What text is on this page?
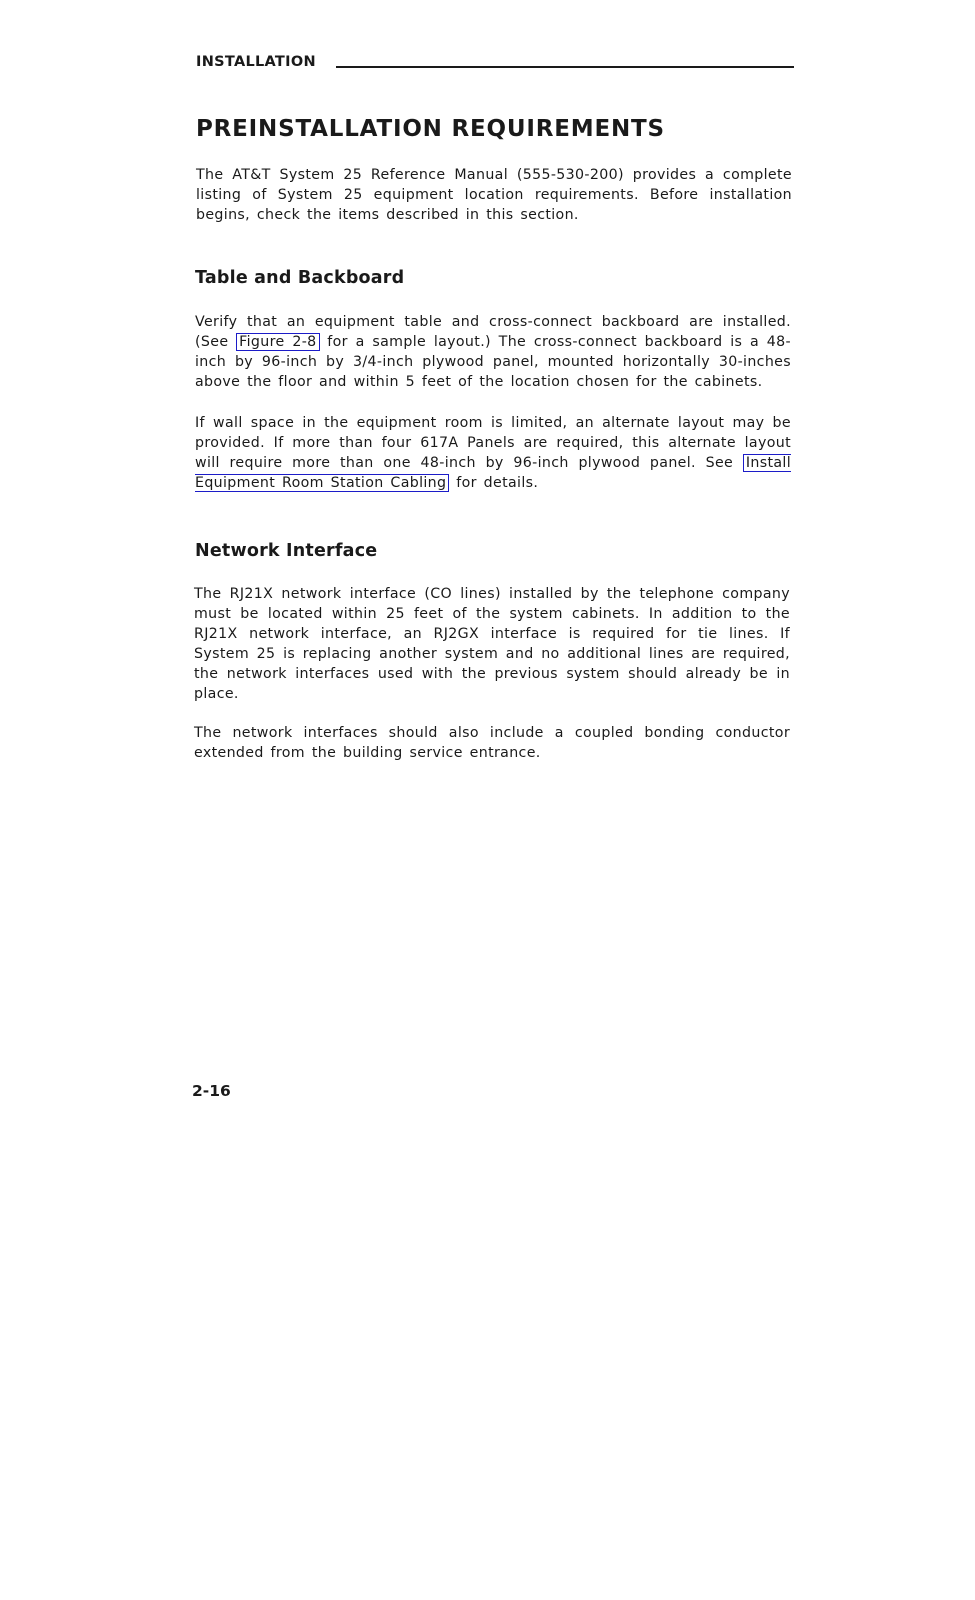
INSTALLATION
PREINSTALLATION REQUIREMENTS

The AT&T System 25 Reference Manual (555-530-200) provides a complete listing of System 25 equipment location requirements. Before installation begins, check the items described in this section.

Table and Backboard

Verify that an equipment table and cross-connect backboard are installed. (See Figure 2-8 for a sample layout.) The cross-connect backboard is a 48-inch by 96-inch by 3/4-inch plywood panel, mounted horizontally 30-inches above the floor and within 5 feet of the location chosen for the cabinets.

If wall space in the equipment room is limited, an alternate layout may be provided. If more than four 617A Panels are required, this alternate layout will require more than one 48-inch by 96-inch plywood panel. See Install Equipment Room Station Cabling for details.

Network Interface

The RJ21X network interface (CO lines) installed by the telephone company must be located within 25 feet of the system cabinets. In addition to the RJ21X network interface, an RJ2GX interface is required for tie lines. If System 25 is replacing another system and no additional lines are required, the network interfaces used with the previous system should already be in place.

The network interfaces should also include a coupled bonding conductor extended from the building service entrance.

2-16
